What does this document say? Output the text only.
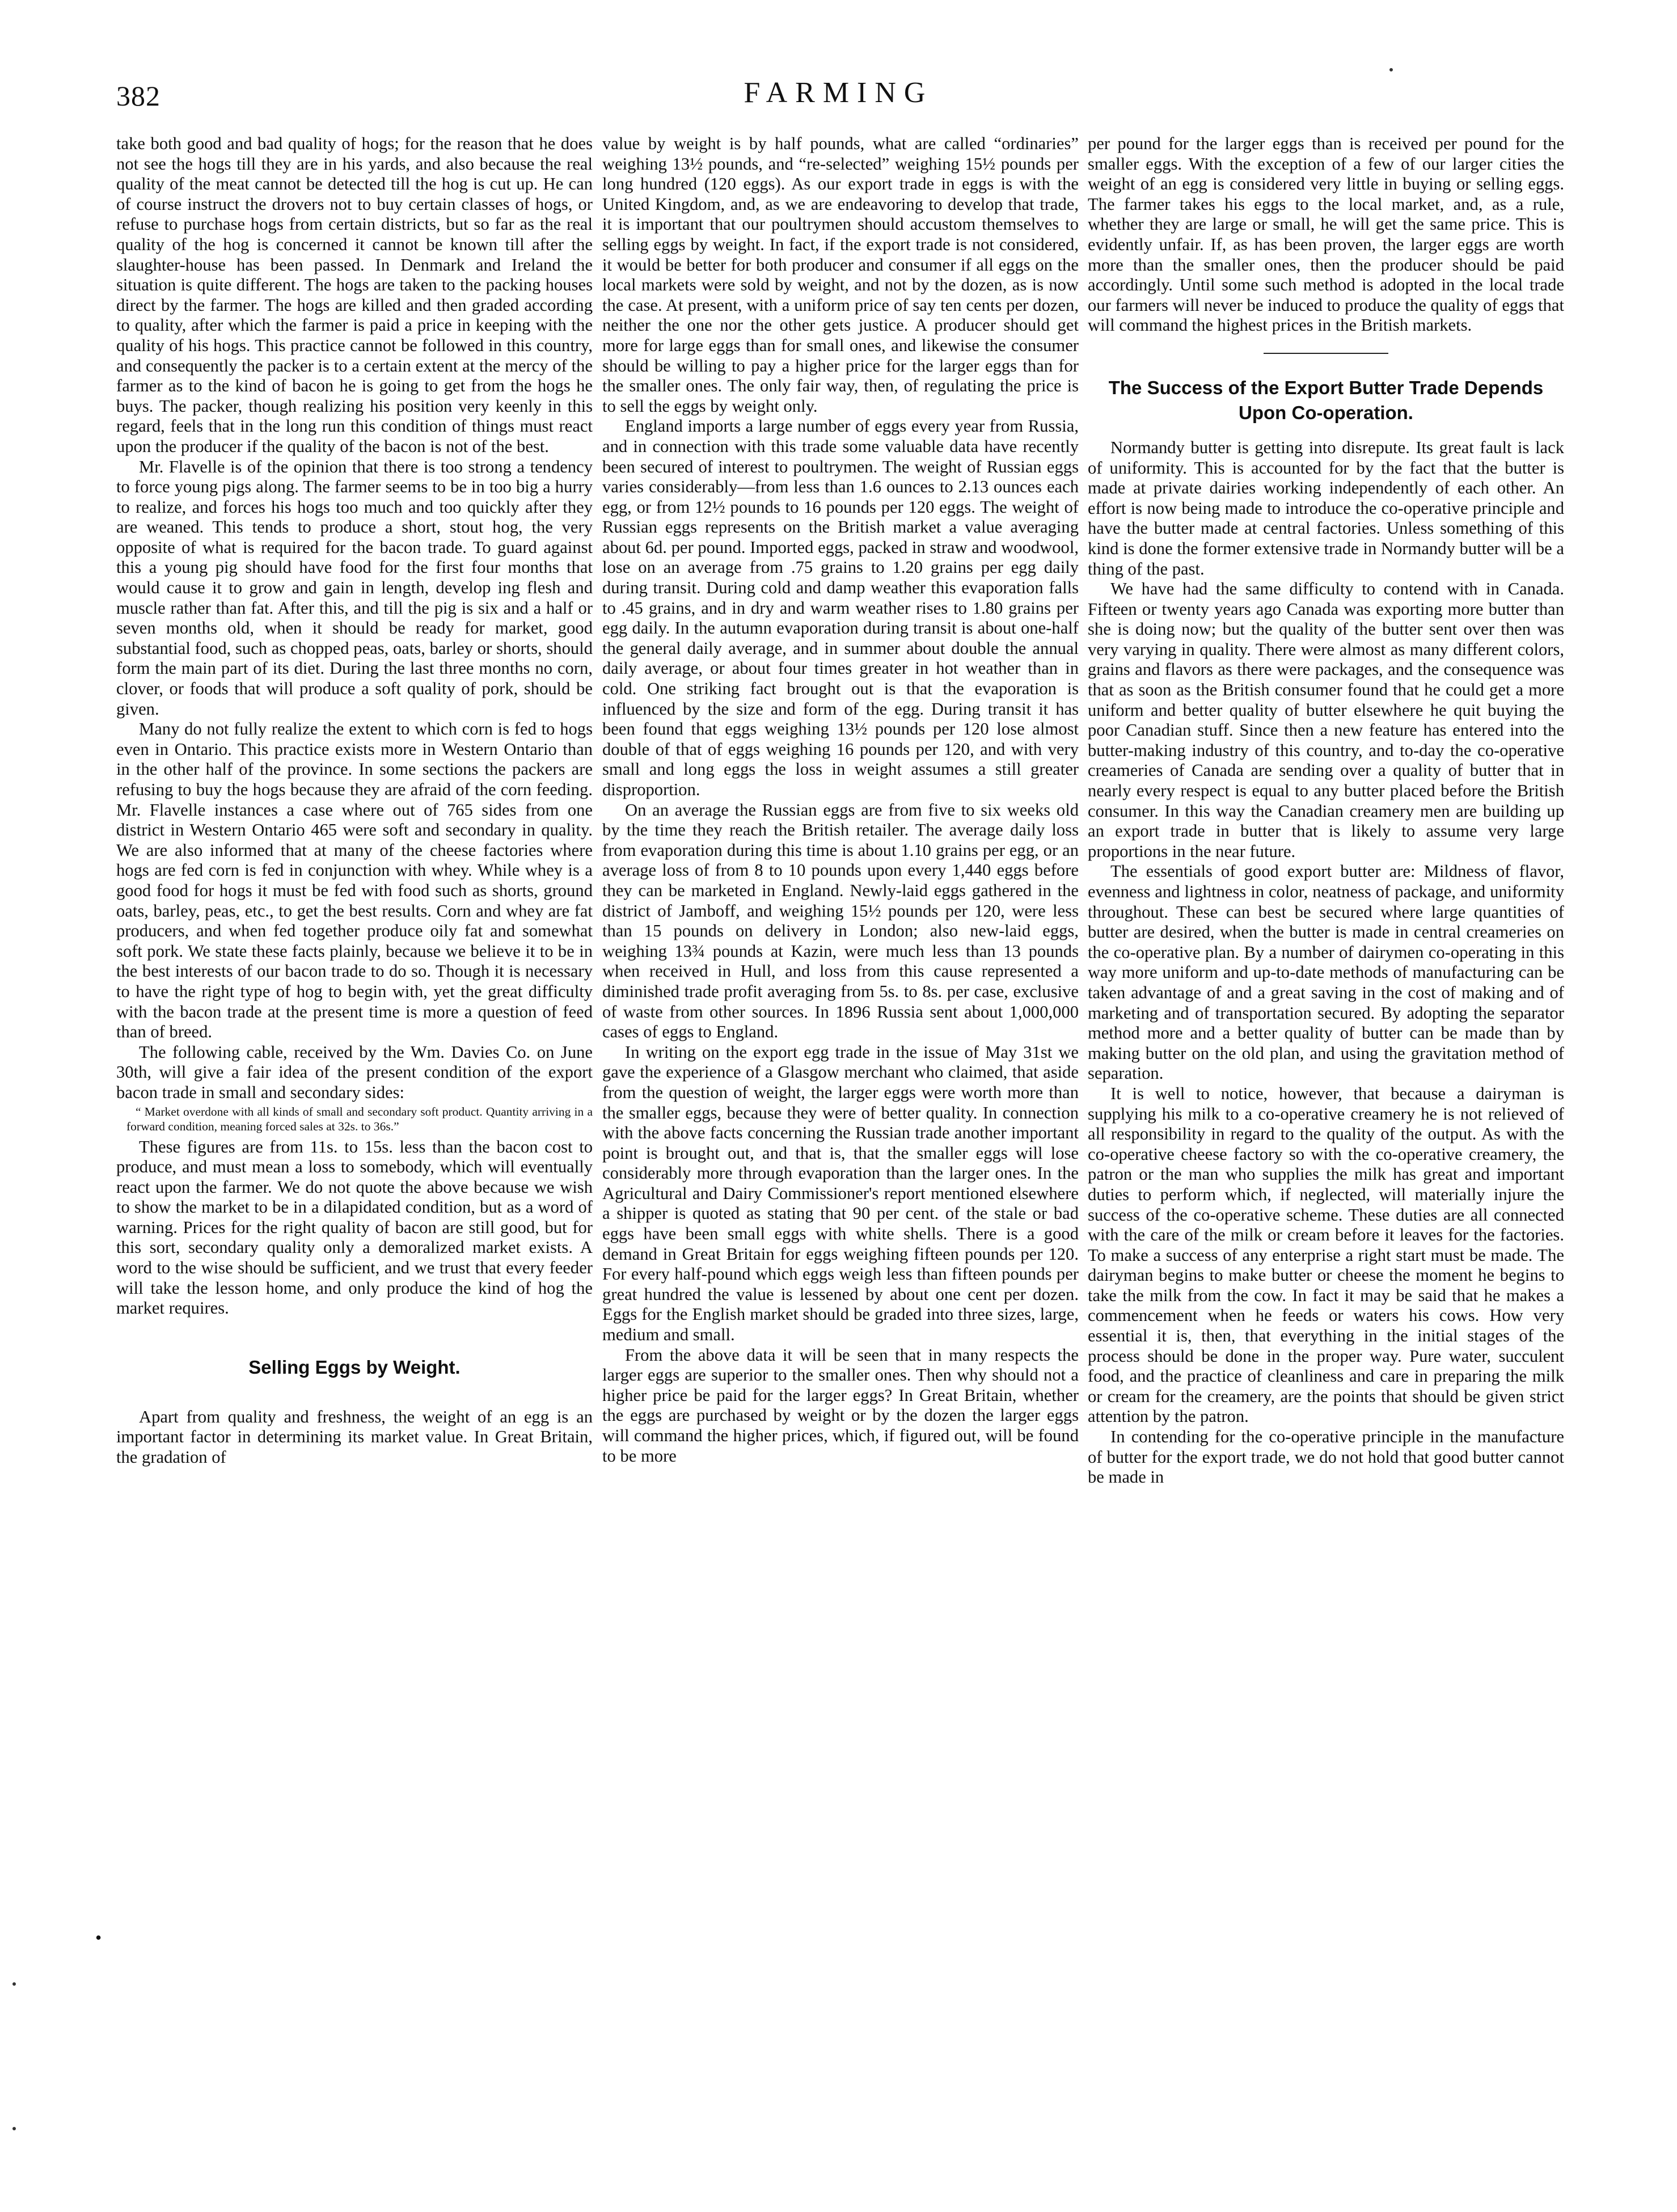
382	FARMING

take both good and bad quality of hogs; for the reason that he does not see the hogs till they are in his yards, and also because the real quality of the meat cannot be detected till the hog is cut up. He can of course instruct the drovers not to buy certain classes of hogs, or refuse to purchase hogs from certain districts, but so far as the real quality of the hog is concerned it cannot be known till after the slaughter-house has been passed. In Denmark and Ireland the situation is quite different. The hogs are taken to the packing houses direct by the farmer. The hogs are killed and then graded according to quality, after which the farmer is paid a price in keeping with the quality of his hogs. This practice cannot be followed in this country, and consequently the packer is to a certain extent at the mercy of the farmer as to the kind of bacon he is going to get from the hogs he buys. The packer, though realizing his position very keenly in this regard, feels that in the long run this condition of things must react upon the producer if the quality of the bacon is not of the best.

Mr. Flavelle is of the opinion that there is too strong a tendency to force young pigs along. The farmer seems to be in too big a hurry to realize, and forces his hogs too much and too quickly after they are weaned. This tends to produce a short, stout hog, the very opposite of what is required for the bacon trade. To guard against this a young pig should have food for the first four months that would cause it to grow and gain in length, develop ing flesh and muscle rather than fat. After this, and till the pig is six and a half or seven months old, when it should be ready for market, good substantial food, such as chopped peas, oats, barley or shorts, should form the main part of its diet. During the last three months no corn, clover, or foods that will produce a soft quality of pork, should be given.

Many do not fully realize the extent to which corn is fed to hogs even in Ontario. This practice exists more in Western Ontario than in the other half of the province. In some sections the packers are refusing to buy the hogs because they are afraid of the corn feeding. Mr. Flavelle instances a case where out of 765 sides from one district in Western Ontario 465 were soft and secondary in quality. We are also informed that at many of the cheese factories where hogs are fed corn is fed in conjunction with whey. While whey is a good food for hogs it must be fed with food such as shorts, ground oats, barley, peas, etc., to get the best results. Corn and whey are fat producers, and when fed together produce oily fat and somewhat soft pork. We state these facts plainly, because we believe it to be in the best interests of our bacon trade to do so. Though it is necessary to have the right type of hog to begin with, yet the great difficulty with the bacon trade at the present time is more a question of feed than of breed.

The following cable, received by the Wm. Davies Co. on June 30th, will give a fair idea of the present condition of the export bacon trade in small and secondary sides:

“ Market overdone with all kinds of small and secondary soft product. Quantity arriving in a forward condition, meaning forced sales at 32s. to 36s.”

These figures are from 11s. to 15s. less than the bacon cost to produce, and must mean a loss to somebody, which will eventually react upon the farmer. We do not quote the above because we wish to show the market to be in a dilapidated condition, but as a word of warning. Prices for the right quality of bacon are still good, but for this sort, secondary quality only a demoralized market exists. A word to the wise should be sufficient, and we trust that every feeder will take the lesson home, and only produce the kind of hog the market requires.

Selling Eggs by Weight.

Apart from quality and freshness, the weight of an egg is an important factor in determining its market value. In Great Britain, the gradation of

value by weight is by half pounds, what are called “ordinaries” weighing 13½ pounds, and “re-selected” weighing 15½ pounds per long hundred (120 eggs). As our export trade in eggs is with the United Kingdom, and, as we are endeavoring to develop that trade, it is important that our poultrymen should accustom themselves to selling eggs by weight. In fact, if the export trade is not considered, it would be better for both producer and consumer if all eggs on the local markets were sold by weight, and not by the dozen, as is now the case. At present, with a uniform price of say ten cents per dozen, neither the one nor the other gets justice. A producer should get more for large eggs than for small ones, and likewise the consumer should be willing to pay a higher price for the larger eggs than for the smaller ones. The only fair way, then, of regulating the price is to sell the eggs by weight only.

England imports a large number of eggs every year from Russia, and in connection with this trade some valuable data have recently been secured of interest to poultrymen. The weight of Russian eggs varies considerably—from less than 1.6 ounces to 2.13 ounces each egg, or from 12½ pounds to 16 pounds per 120 eggs. The weight of Russian eggs represents on the British market a value averaging about 6d. per pound. Imported eggs, packed in straw and woodwool, lose on an average from .75 grains to 1.20 grains per egg daily during transit. During cold and damp weather this evaporation falls to .45 grains, and in dry and warm weather rises to 1.80 grains per egg daily. In the autumn evaporation during transit is about one-half the general daily average, and in summer about double the annual daily average, or about four times greater in hot weather than in cold. One striking fact brought out is that the evaporation is influenced by the size and form of the egg. During transit it has been found that eggs weighing 13½ pounds per 120 lose almost double of that of eggs weighing 16 pounds per 120, and with very small and long eggs the loss in weight assumes a still greater disproportion.

On an average the Russian eggs are from five to six weeks old by the time they reach the British retailer. The average daily loss from evaporation during this time is about 1.10 grains per egg, or an average loss of from 8 to 10 pounds upon every 1,440 eggs before they can be marketed in England. Newly-laid eggs gathered in the district of Jamboff, and weighing 15½ pounds per 120, were less than 15 pounds on delivery in London; also new-laid eggs, weighing 13¾ pounds at Kazin, were much less than 13 pounds when received in Hull, and loss from this cause represented a diminished trade profit averaging from 5s. to 8s. per case, exclusive of waste from other sources. In 1896 Russia sent about 1,000,000 cases of eggs to England.

In writing on the export egg trade in the issue of May 31st we gave the experience of a Glasgow merchant who claimed, that aside from the question of weight, the larger eggs were worth more than the smaller eggs, because they were of better quality. In connection with the above facts concerning the Russian trade another important point is brought out, and that is, that the smaller eggs will lose considerably more through evaporation than the larger ones. In the Agricultural and Dairy Commissioner's report mentioned elsewhere a shipper is quoted as stating that 90 per cent. of the stale or bad eggs have been small eggs with white shells. There is a good demand in Great Britain for eggs weighing fifteen pounds per 120. For every half-pound which eggs weigh less than fifteen pounds per great hundred the value is lessened by about one cent per dozen. Eggs for the English market should be graded into three sizes, large, medium and small.

From the above data it will be seen that in many respects the larger eggs are superior to the smaller ones. Then why should not a higher price be paid for the larger eggs? In Great Britain, whether the eggs are purchased by weight or by the dozen the larger eggs will command the higher prices, which, if figured out, will be found to be more

per pound for the larger eggs than is received per pound for the smaller eggs. With the exception of a few of our larger cities the weight of an egg is considered very little in buying or selling eggs. The farmer takes his eggs to the local market, and, as a rule, whether they are large or small, he will get the same price. This is evidently unfair. If, as has been proven, the larger eggs are worth more than the smaller ones, then the producer should be paid accordingly. Until some such method is adopted in the local trade our farmers will never be induced to produce the quality of eggs that will command the highest prices in the British markets.

The Success of the Export Butter Trade Depends Upon Co-operation.

Normandy butter is getting into disrepute. Its great fault is lack of uniformity. This is accounted for by the fact that the butter is made at private dairies working independently of each other. An effort is now being made to introduce the co-operative principle and have the butter made at central factories. Unless something of this kind is done the former extensive trade in Normandy butter will be a thing of the past.

We have had the same difficulty to contend with in Canada. Fifteen or twenty years ago Canada was exporting more butter than she is doing now; but the quality of the butter sent over then was very varying in quality. There were almost as many different colors, grains and flavors as there were packages, and the consequence was that as soon as the British consumer found that he could get a more uniform and better quality of butter elsewhere he quit buying the poor Canadian stuff. Since then a new feature has entered into the butter-making industry of this country, and to-day the co-operative creameries of Canada are sending over a quality of butter that in nearly every respect is equal to any butter placed before the British consumer. In this way the Canadian creamery men are building up an export trade in butter that is likely to assume very large proportions in the near future.

The essentials of good export butter are: Mildness of flavor, evenness and lightness in color, neatness of package, and uniformity throughout. These can best be secured where large quantities of butter are desired, when the butter is made in central creameries on the co-operative plan. By a number of dairymen co-operating in this way more uniform and up-to-date methods of manufacturing can be taken advantage of and a great saving in the cost of making and of marketing and of transportation secured. By adopting the separator method more and a better quality of butter can be made than by making butter on the old plan, and using the gravitation method of separation.

It is well to notice, however, that because a dairyman is supplying his milk to a co-operative creamery he is not relieved of all responsibility in regard to the quality of the output. As with the co-operative cheese factory so with the co-operative creamery, the patron or the man who supplies the milk has great and important duties to perform which, if neglected, will materially injure the success of the co-operative scheme. These duties are all connected with the care of the milk or cream before it leaves for the factories. To make a success of any enterprise a right start must be made. The dairyman begins to make butter or cheese the moment he begins to take the milk from the cow. In fact it may be said that he makes a commencement when he feeds or waters his cows. How very essential it is, then, that everything in the initial stages of the process should be done in the proper way. Pure water, succulent food, and the practice of cleanliness and care in preparing the milk or cream for the creamery, are the points that should be given strict attention by the patron.

In contending for the co-operative principle in the manufacture of butter for the export trade, we do not hold that good butter cannot be made in

•
